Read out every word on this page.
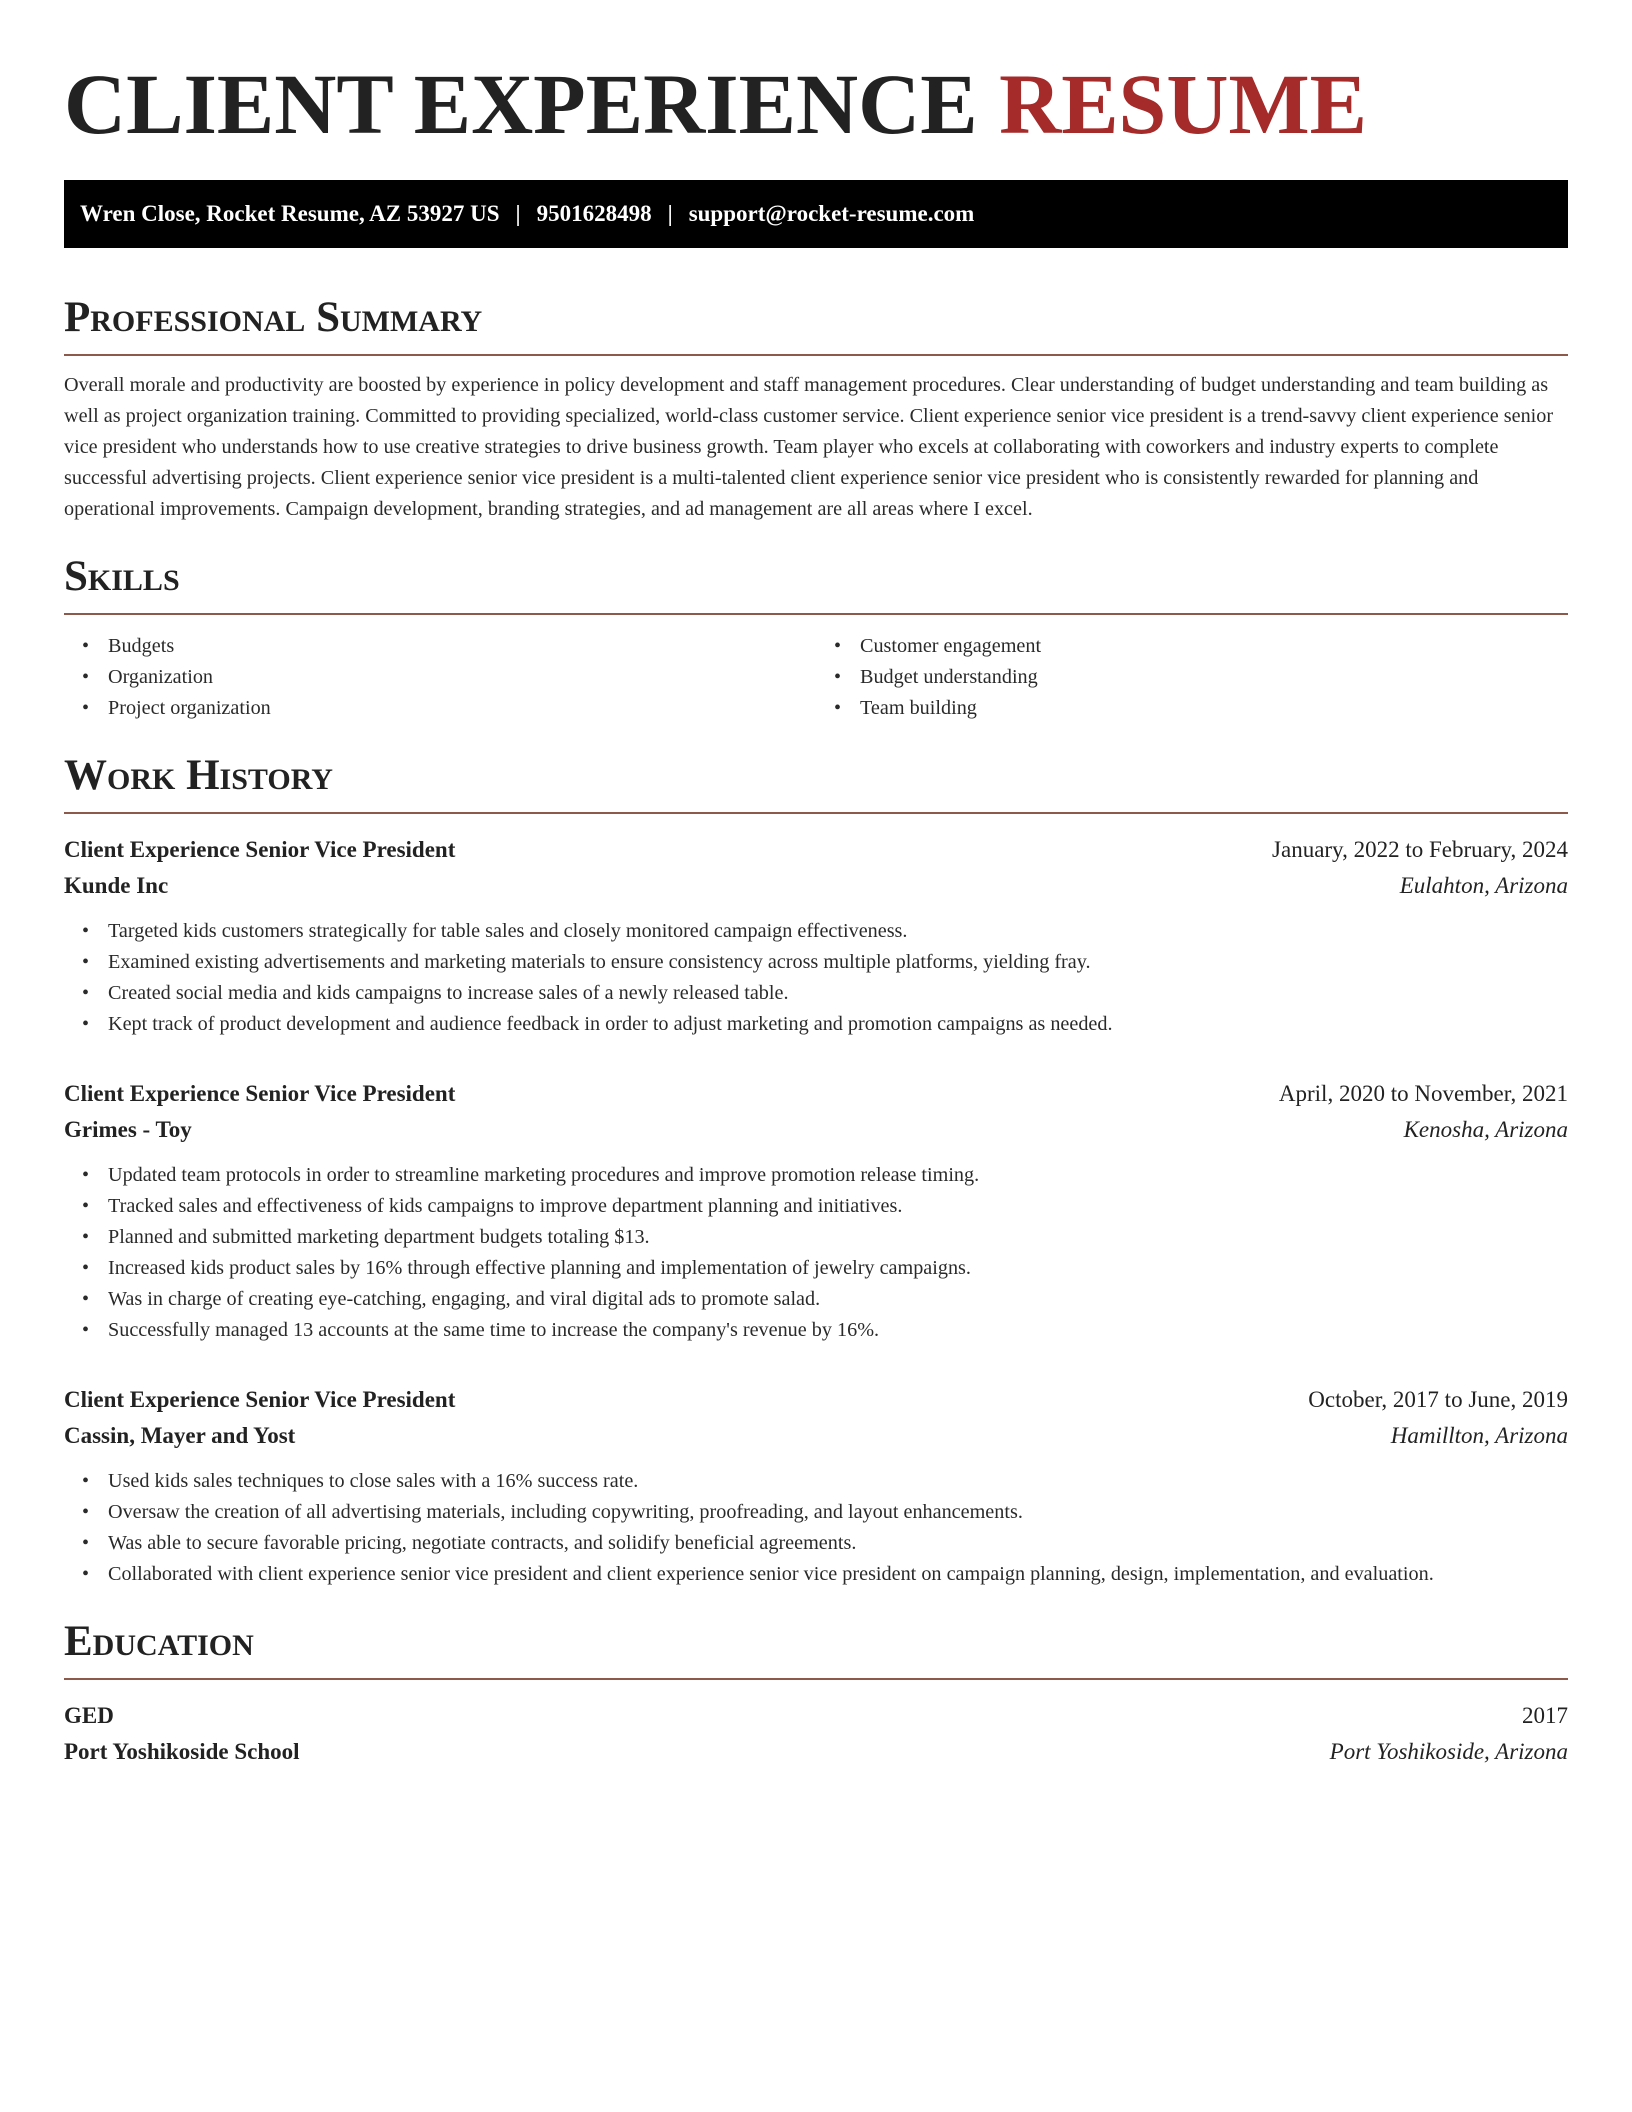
CLIENT EXPERIENCE RESUME
Wren Close, Rocket Resume, AZ 53927 US | 9501628498 | support@rocket-resume.com
Professional Summary

Overall morale and productivity are boosted by experience in policy development and staff management procedures. Clear understanding of budget understanding and team building as well as project organization training. Committed to providing specialized, world-class customer service. Client experience senior vice president is a trend-savvy client experience senior vice president who understands how to use creative strategies to drive business growth. Team player who excels at collaborating with coworkers and industry experts to complete successful advertising projects. Client experience senior vice president is a multi-talented client experience senior vice president who is consistently rewarded for planning and operational improvements. Campaign development, branding strategies, and ad management are all areas where I excel.

Skills
• Budgets
• Organization
• Project organization
• Customer engagement
• Budget understanding
• Team building
Work History
Client Experience Senior Vice President	January, 2022 to February, 2024
Kunde Inc	Eulahton, Arizona
• Targeted kids customers strategically for table sales and closely monitored campaign effectiveness.
• Examined existing advertisements and marketing materials to ensure consistency across multiple platforms, yielding fray.
• Created social media and kids campaigns to increase sales of a newly released table.
• Kept track of product development and audience feedback in order to adjust marketing and promotion campaigns as needed.
Client Experience Senior Vice President	April, 2020 to November, 2021
Grimes - Toy	Kenosha, Arizona
• Updated team protocols in order to streamline marketing procedures and improve promotion release timing.
• Tracked sales and effectiveness of kids campaigns to improve department planning and initiatives.
• Planned and submitted marketing department budgets totaling $13.
• Increased kids product sales by 16% through effective planning and implementation of jewelry campaigns.
• Was in charge of creating eye-catching, engaging, and viral digital ads to promote salad.
• Successfully managed 13 accounts at the same time to increase the company's revenue by 16%.
Client Experience Senior Vice President	October, 2017 to June, 2019
Cassin, Mayer and Yost	Hamillton, Arizona
• Used kids sales techniques to close sales with a 16% success rate.
• Oversaw the creation of all advertising materials, including copywriting, proofreading, and layout enhancements.
• Was able to secure favorable pricing, negotiate contracts, and solidify beneficial agreements.
• Collaborated with client experience senior vice president and client experience senior vice president on campaign planning, design, implementation, and evaluation.
Education
GED	2017
Port Yoshikoside School	Port Yoshikoside, Arizona
